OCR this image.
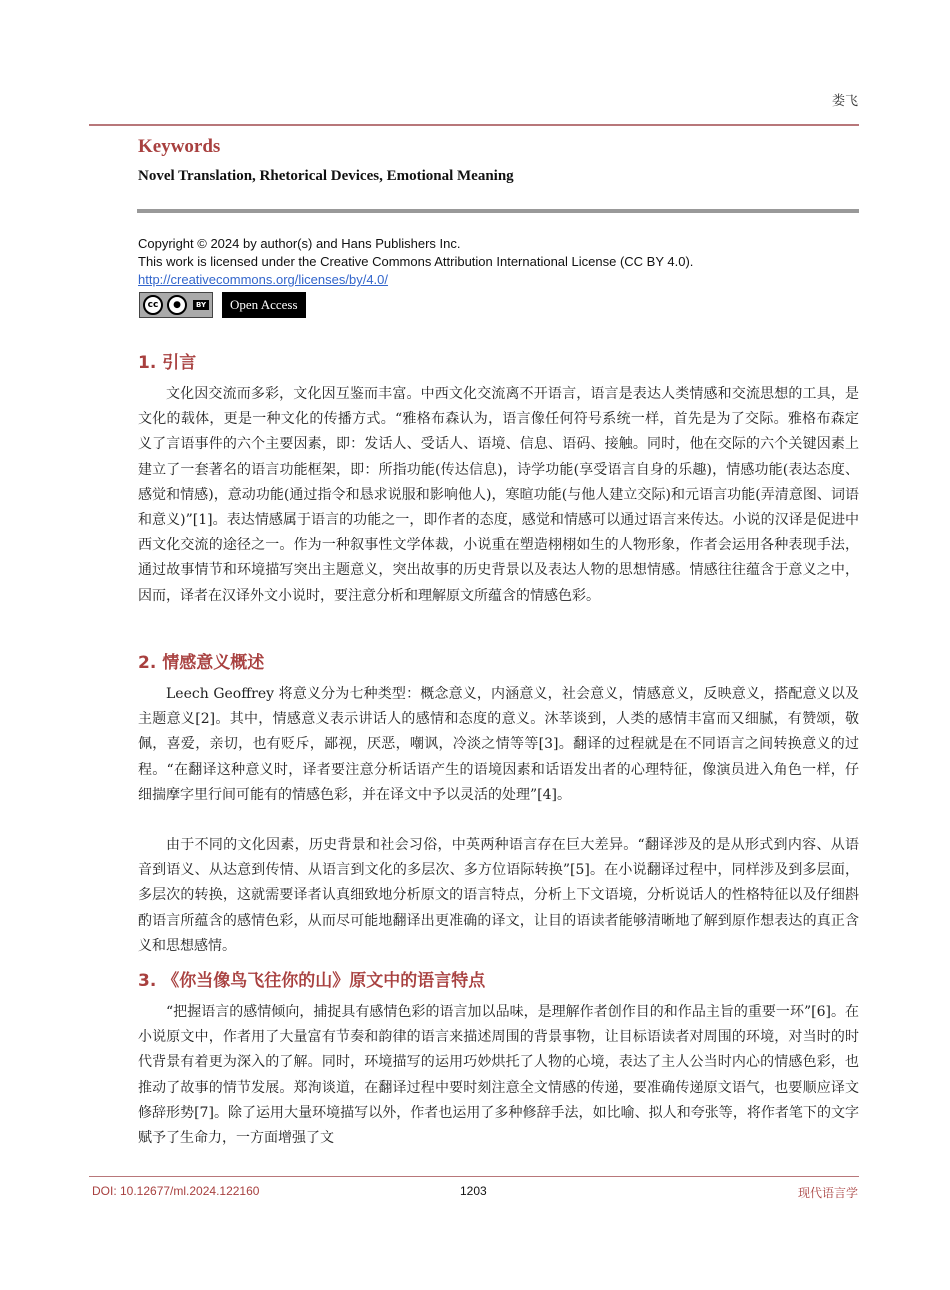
娄飞
Keywords
Novel Translation, Rhetorical Devices, Emotional Meaning
Copyright © 2024 by author(s) and Hans Publishers Inc.
This work is licensed under the Creative Commons Attribution International License (CC BY 4.0).
http://creativecommons.org/licenses/by/4.0/
cc	●	BY	Open Access
1. 引言

文化因交流而多彩，文化因互鉴而丰富。中西文化交流离不开语言，语言是表达人类情感和交流思想的工具，是文化的载体，更是一种文化的传播方式。“雅格布森认为，语言像任何符号系统一样，首先是为了交际。雅格布森定义了言语事件的六个主要因素，即：发话人、受话人、语境、信息、语码、接触。同时，他在交际的六个关键因素上建立了一套著名的语言功能框架，即：所指功能(传达信息)，诗学功能(享受语言自身的乐趣)，情感功能(表达态度、感觉和情感)，意动功能(通过指令和恳求说服和影响他人)，寒暄功能(与他人建立交际)和元语言功能(弄清意图、词语和意义)”[1]。表达情感属于语言的功能之一，即作者的态度，感觉和情感可以通过语言来传达。小说的汉译是促进中西文化交流的途径之一。作为一种叙事性文学体裁，小说重在塑造栩栩如生的人物形象，作者会运用各种表现手法，通过故事情节和环境描写突出主题意义，突出故事的历史背景以及表达人物的思想情感。情感往往蕴含于意义之中，因而，译者在汉译外文小说时，要注意分析和理解原文所蕴含的情感色彩。

2. 情感意义概述

Leech Geoffrey 将意义分为七种类型：概念意义，内涵意义，社会意义，情感意义，反映意义，搭配意义以及主题意义[2]。其中，情感意义表示讲话人的感情和态度的意义。沐莘谈到，人类的感情丰富而又细腻，有赞颂，敬佩，喜爱，亲切，也有贬斥，鄙视，厌恶，嘲讽，冷淡之情等等[3]。翻译的过程就是在不同语言之间转换意义的过程。“在翻译这种意义时，译者要注意分析话语产生的语境因素和话语发出者的心理特征，像演员进入角色一样，仔细揣摩字里行间可能有的情感色彩，并在译文中予以灵活的处理”[4]。

由于不同的文化因素，历史背景和社会习俗，中英两种语言存在巨大差异。“翻译涉及的是从形式到内容、从语音到语义、从达意到传情、从语言到文化的多层次、多方位语际转换”[5]。在小说翻译过程中，同样涉及到多层面，多层次的转换，这就需要译者认真细致地分析原文的语言特点，分析上下文语境，分析说话人的性格特征以及仔细斟酌语言所蕴含的感情色彩，从而尽可能地翻译出更准确的译文，让目的语读者能够清晰地了解到原作想表达的真正含义和思想感情。

3. 《你当像鸟飞往你的山》原文中的语言特点

“把握语言的感情倾向，捕捉具有感情色彩的语言加以品味，是理解作者创作目的和作品主旨的重要一环”[6]。在小说原文中，作者用了大量富有节奏和韵律的语言来描述周围的背景事物，让目标语读者对周围的环境，对当时的时代背景有着更为深入的了解。同时，环境描写的运用巧妙烘托了人物的心境，表达了主人公当时内心的情感色彩，也推动了故事的情节发展。郑洵谈道，在翻译过程中要时刻注意全文情感的传递，要准确传递原文语气，也要顺应译文修辞形势[7]。除了运用大量环境描写以外，作者也运用了多种修辞手法，如比喻、拟人和夸张等，将作者笔下的文字赋予了生命力，一方面增强了文

DOI: 10.12677/ml.2024.122160	1203	现代语言学
